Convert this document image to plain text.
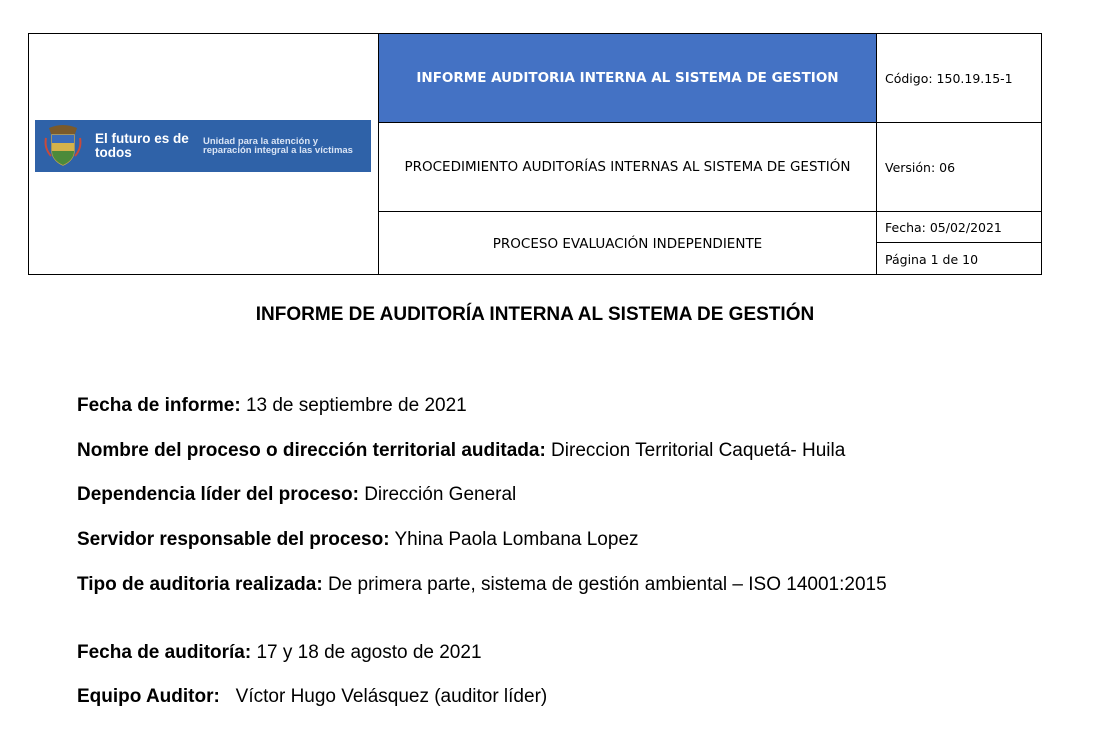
El futuro es de todos
Unidad para la atención y reparación integral a las víctimas
INFORME AUDITORIA INTERNA AL SISTEMA DE GESTION
PROCEDIMIENTO AUDITORÍAS INTERNAS AL SISTEMA DE GESTIÓN
PROCESO EVALUACIÓN INDEPENDIENTE
Código: 150.19.15-1
Versión: 06
Fecha: 05/02/2021
Página 1 de 10
INFORME DE AUDITORÍA INTERNA AL SISTEMA DE GESTIÓN
Fecha de informe: 13 de septiembre de 2021
Nombre del proceso o dirección territorial auditada: Direccion Territorial Caquetá- Huila
Dependencia líder del proceso: Dirección General
Servidor responsable del proceso: Yhina Paola Lombana Lopez
Tipo de auditoria realizada: De primera parte, sistema de gestión ambiental – ISO 14001:2015
Fecha de auditoría: 17 y 18 de agosto de 2021
Equipo Auditor: Víctor Hugo Velásquez (auditor líder)
